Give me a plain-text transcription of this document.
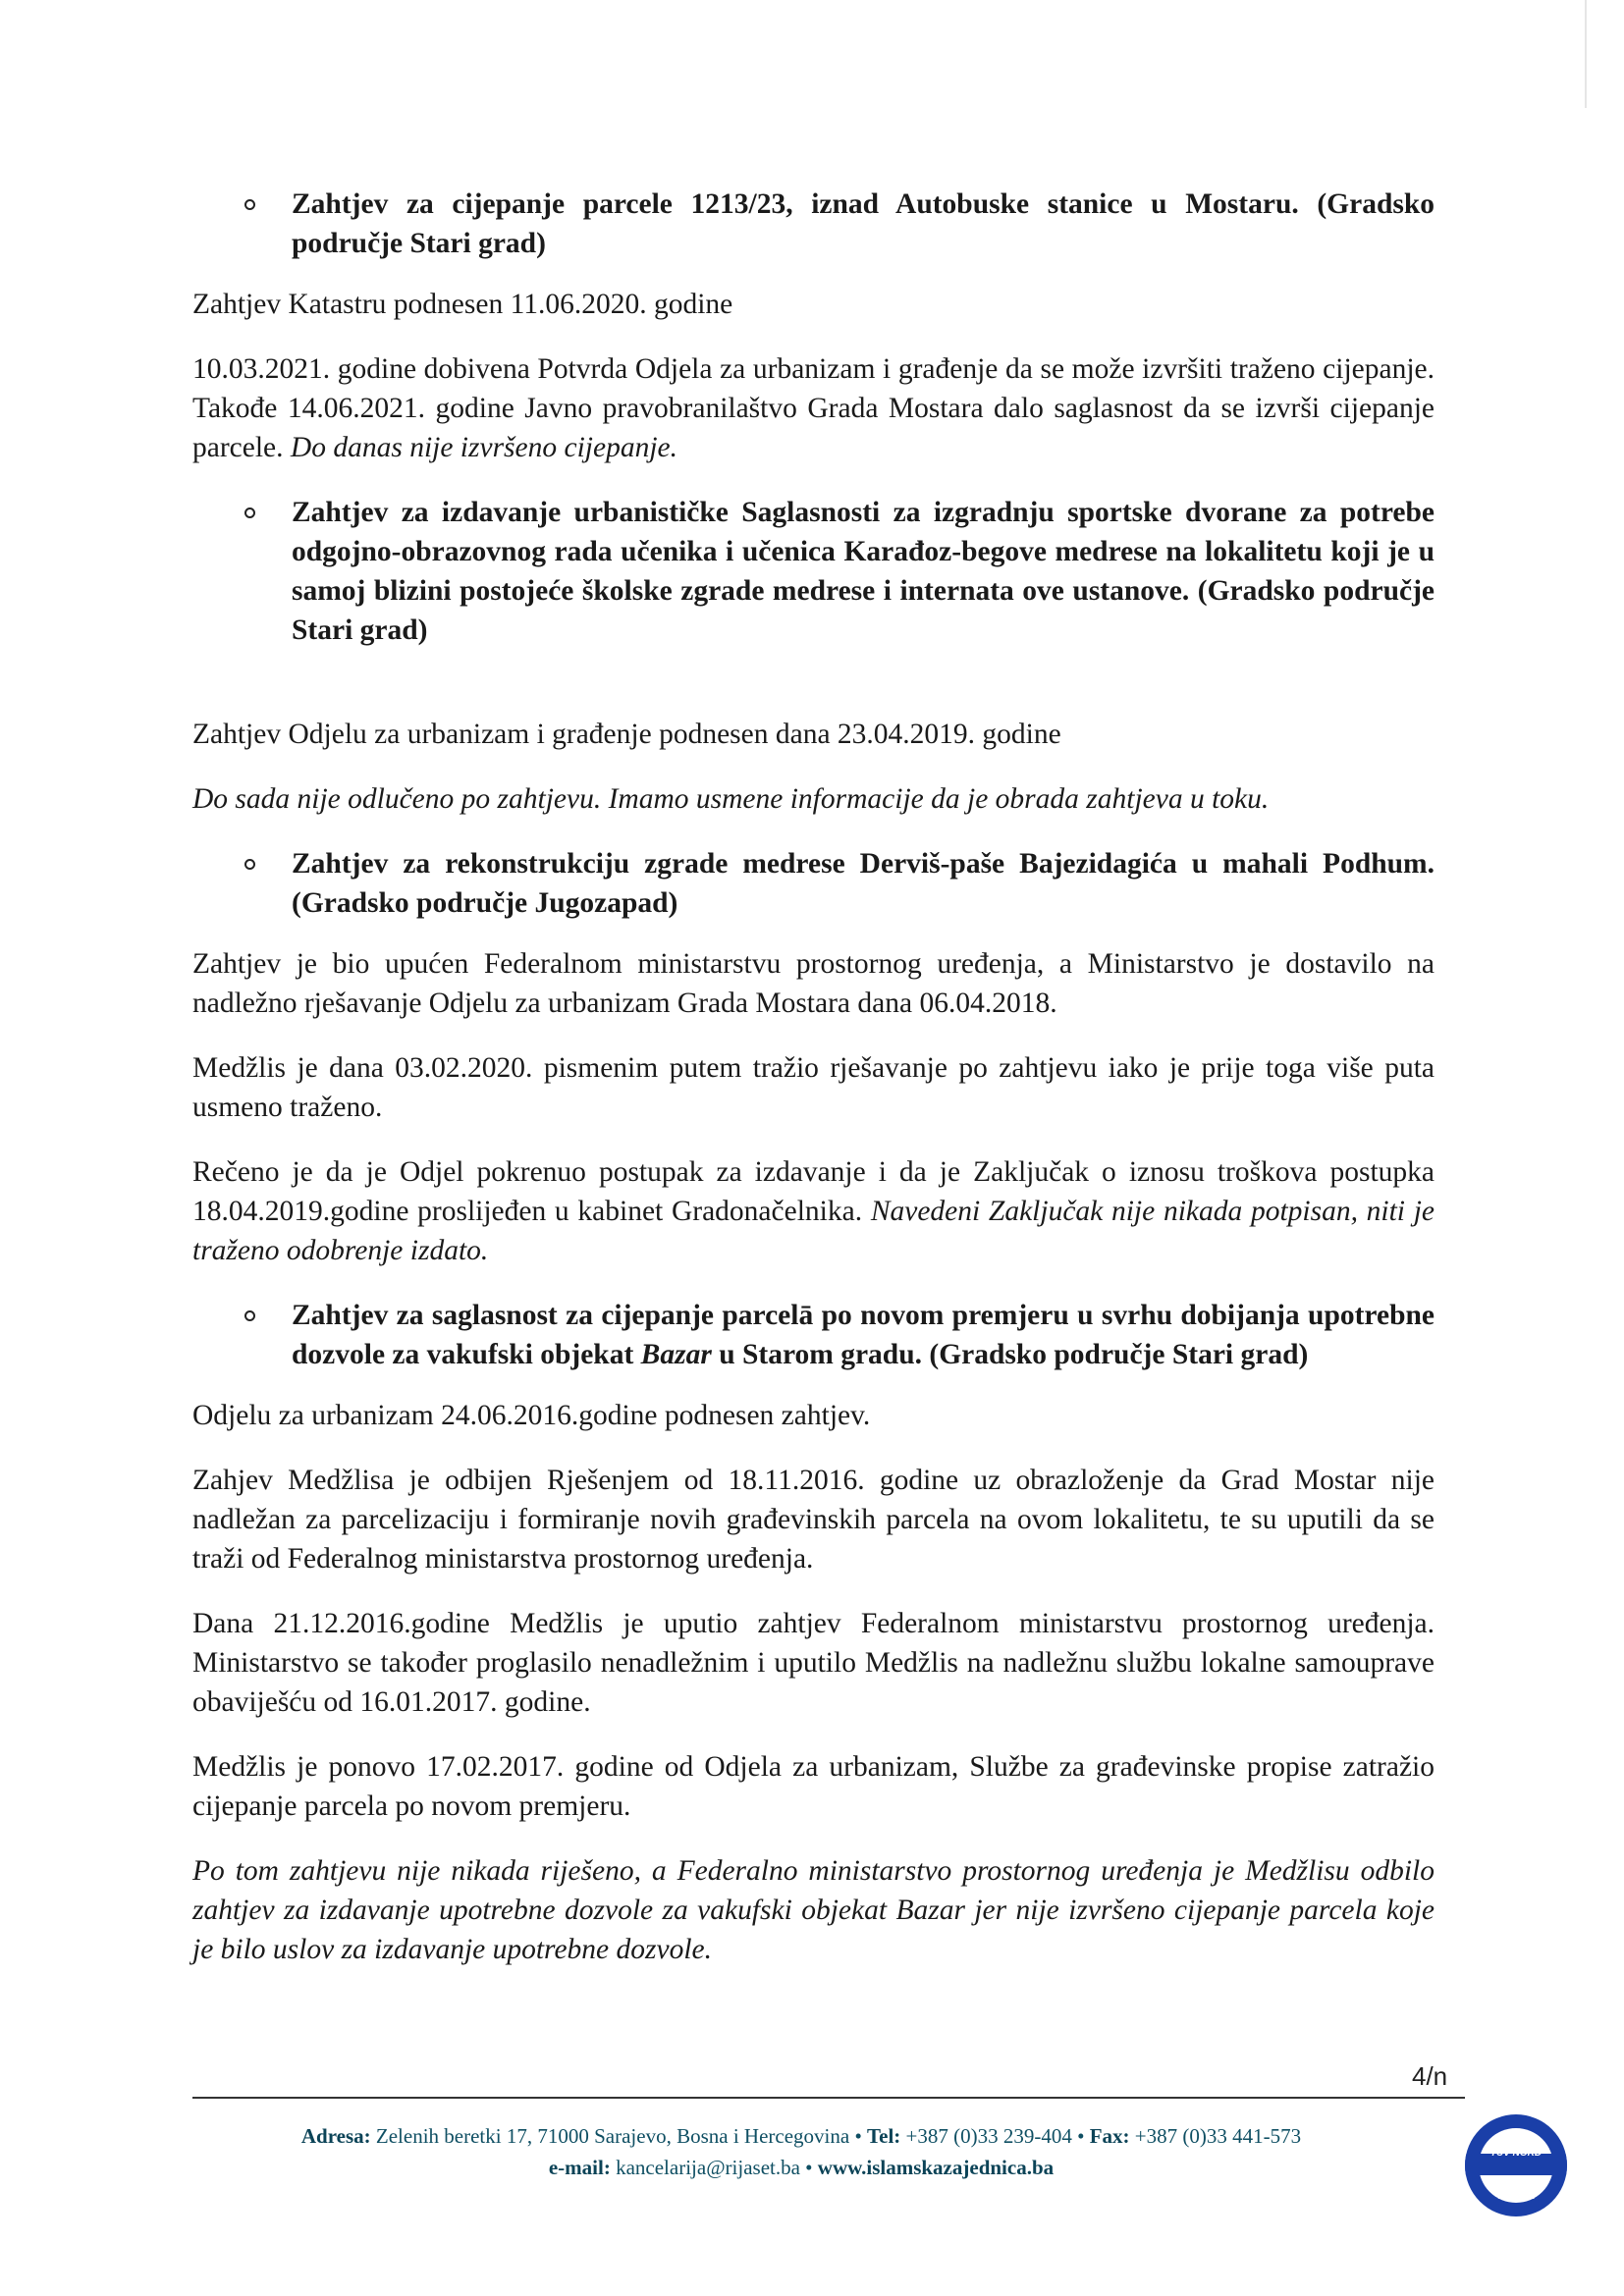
Zahtjev za cijepanje parcele 1213/23, iznad Autobuske stanice u Mostaru. (Gradsko područje Stari grad)

Zahtjev Katastru podnesen 11.06.2020. godine

10.03.2021. godine dobivena Potvrda Odjela za urbanizam i građenje da se može izvršiti traženo cijepanje. Takođe 14.06.2021. godine Javno pravobranilaštvo Grada Mostara dalo saglasnost da se izvrši cijepanje parcele. Do danas nije izvršeno cijepanje.

Zahtjev za izdavanje urbanističke Saglasnosti za izgradnju sportske dvorane za potrebe odgojno-obrazovnog rada učenika i učenica Karađoz-begove medrese na lokalitetu koji je u samoj blizini postojeće školske zgrade medrese i internata ove ustanove. (Gradsko područje Stari grad)

Zahtjev Odjelu za urbanizam i građenje podnesen dana 23.04.2019. godine

Do sada nije odlučeno po zahtjevu. Imamo usmene informacije da je obrada zahtjeva u toku.

Zahtjev za rekonstrukciju zgrade medrese Derviš-paše Bajezidagića u mahali Podhum. (Gradsko područje Jugozapad)

Zahtjev je bio upućen Federalnom ministarstvu prostornog uređenja, a Ministarstvo je dostavilo na nadležno rješavanje Odjelu za urbanizam Grada Mostara dana 06.04.2018.

Medžlis je dana 03.02.2020. pismenim putem tražio rješavanje po zahtjevu iako je prije toga više puta usmeno traženo.

Rečeno je da je Odjel pokrenuo postupak za izdavanje i da je Zaključak o iznosu troškova postupka 18.04.2019.godine proslijeđen u kabinet Gradonačelnika. Navedeni Zaključak nije nikada potpisan, niti je traženo odobrenje izdato.

Zahtjev za saglasnost za cijepanje parcelā po novom premjeru u svrhu dobijanja upotrebne dozvole za vakufski objekat Bazar u Starom gradu. (Gradsko područje Stari grad)

Odjelu za urbanizam 24.06.2016.godine podnesen zahtjev.

Zahjev Medžlisa je odbijen Rješenjem od 18.11.2016. godine uz obrazloženje da Grad Mostar nije nadležan za parcelizaciju i formiranje novih građevinskih parcela na ovom lokalitetu, te su uputili da se traži od Federalnog ministarstva prostornog uređenja.

Dana 21.12.2016.godine Medžlis je uputio zahtjev Federalnom ministarstvu prostornog uređenja. Ministarstvo se također proglasilo nenadležnim i uputilo Medžlis na nadležnu službu lokalne samouprave obaviješću od 16.01.2017. godine.

Medžlis je ponovo 17.02.2017. godine od Odjela za urbanizam, Službe za građevinske propise zatražio cijepanje parcela po novom premjeru.

Po tom zahtjevu nije nikada riješeno, a Federalno ministarstvo prostornog uređenja je Medžlisu odbilo zahtjev za izdavanje upotrebne dozvole za vakufski objekat Bazar jer nije izvršeno cijepanje parcela koje je bilo uslov za izdavanje upotrebne dozvole.

4/n
Adresa: Zelenih beretki 17, 71000 Sarajevo, Bosna i Hercegovina • Tel: +387 (0)33 239-404 • Fax: +387 (0)33 441-573
e-mail: kancelarija@rijaset.ba • www.islamskazajednica.ba
TÜV NORD
ISO 9001
